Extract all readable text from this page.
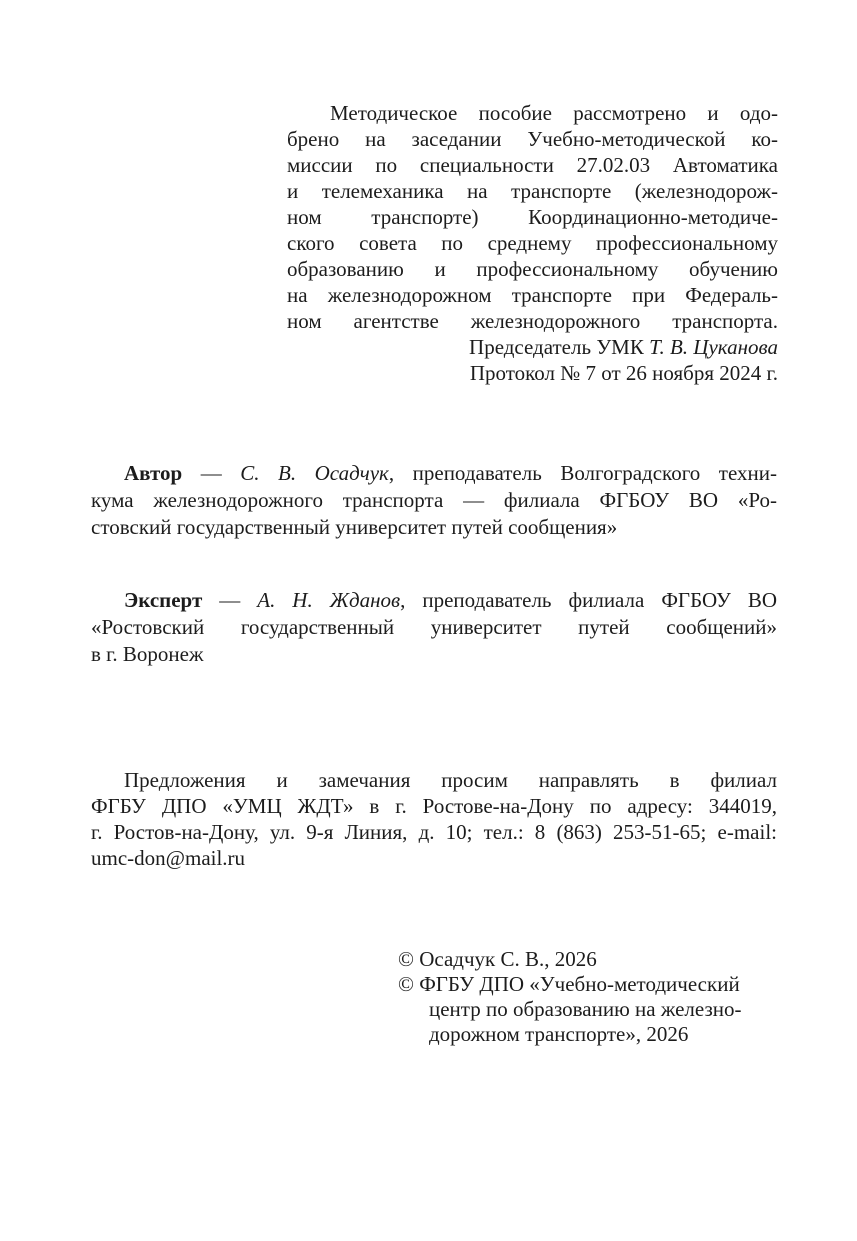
Методическое пособие рассмотрено и одо-
брено на заседании Учебно-методической ко-
миссии по специальности 27.02.03 Автоматика
и телемеханика на транспорте (железнодорож-
ном транспорте) Координационно-методиче-
ского совета по среднему профессиональному
образованию и профессиональному обучению
на железнодорожном транспорте при Федераль-
ном агентстве железнодорожного транспорта.
Председатель УМК Т. В. Цуканова
Протокол № 7 от 26 ноября 2024 г.
Автор — С. В. Осадчук, преподаватель Волгоградского техни-
кума железнодорожного транспорта — филиала ФГБОУ ВО «Ро-
стовский государственный университет путей сообщения»
Эксперт — А. Н. Жданов, преподаватель филиала ФГБОУ ВО
«Ростовский государственный университет путей сообщений»
в г. Воронеж
Предложения и замечания просим направлять в филиал
ФГБУ ДПО «УМЦ ЖДТ» в г. Ростове-на-Дону по адресу: 344019,
г. Ростов-на-Дону, ул. 9-я Линия, д. 10; тел.: 8 (863) 253-51-65; e-mail:
umc-don@mail.ru
© Осадчук С. В., 2026
© ФГБУ ДПО «Учебно-методический
центр по образованию на железно-
дорожном транспорте», 2026
